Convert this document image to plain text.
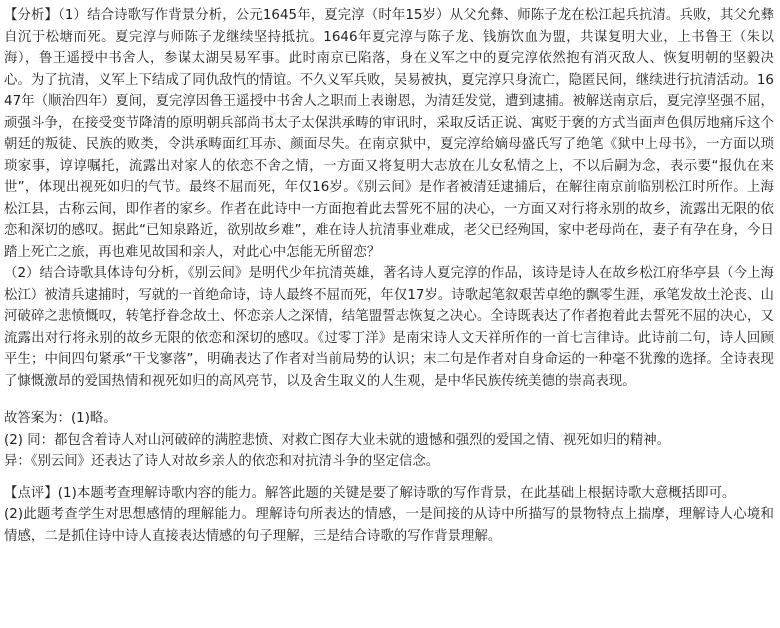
【分析】（1）结合诗歌写作背景分析，公元1645年，夏完淳（时年15岁）从父允彝、师陈子龙在松江起兵抗清。兵败，其父允彝自沉于松塘而死。夏完淳与师陈子龙继续坚持抵抗。1646年夏完淳与陈子龙、钱旃饮血为盟，共谋复明大业，上书鲁王（朱以海），鲁王遥授中书舍人，参谋太湖吴易军事。此时南京已陷落，身在义军之中的夏完淳依然抱有消灭敌人、恢复明朝的坚毅决心。为了抗清，义军上下结成了同仇敌忾的情谊。不久义军兵败，吴易被执，夏完淳只身流亡，隐匿民间，继续进行抗清活动。1647年（顺治四年）夏间，夏完淳因鲁王遥授中书舍人之职而上表谢恩，为清廷发觉，遭到逮捕。被解送南京后，夏完淳坚强不屈，顽强斗争，在接受变节降清的原明朝兵部尚书太子太保洪承畴的审讯时，采取反话正说、寓贬于褒的方式当面声色俱厉地痛斥这个朝廷的叛徒、民族的败类，令洪承畴面红耳赤、颜面尽失。在南京狱中，夏完淳给嫡母盛氏写了绝笔《狱中上母书》，一方面以琐琐家事，谆谆嘱托，流露出对家人的依恋不舍之情，一方面又将复明大志放在儿女私情之上，不以后嗣为念，表示要“报仇在来世”，体现出视死如归的气节。最终不屈而死，年仅16岁。《别云间》是作者被清廷逮捕后，在解往南京前临别松江时所作。上海松江县，古称云间，即作者的家乡。作者在此诗中一方面抱着此去誓死不屈的决心，一方面又对行将永别的故乡，流露出无限的依恋和深切的感叹。据此“已知泉路近，欲别故乡难”，难在诗人抗清事业难成，老父已经殉国，家中老母尚在，妻子有孕在身，今日踏上死亡之旅，再也难见故国和亲人，对此心中怎能无所留恋？

（2）结合诗歌具体诗句分析，《别云间》是明代少年抗清英雄，著名诗人夏完淳的作品，该诗是诗人在故乡松江府华亭县（今上海松江）被清兵逮捕时，写就的一首绝命诗，诗人最终不屈而死，年仅17岁。诗歌起笔叙艰苦卓绝的飘零生涯，承笔发故土沦丧、山河破碎之悲愤慨叹，转笔抒眷念故土、怀恋亲人之深情，结笔盟誓志恢复之决心。全诗既表达了作者抱着此去誓死不屈的决心，又流露出对行将永别的故乡无限的依恋和深切的感叹。《过零丁洋》是南宋诗人文天祥所作的一首七言律诗。此诗前二句，诗人回顾平生；中间四句紧承“干戈寥落”，明确表达了作者对当前局势的认识；末二句是作者对自身命运的一种毫不犹豫的选择。全诗表现了慷慨激昂的爱国热情和视死如归的高风亮节，以及舍生取义的人生观，是中华民族传统美德的崇高表现。

故答案为：(1)略。

(2) 同：都包含着诗人对山河破碎的满腔悲愤、对救亡图存大业未就的遗憾和强烈的爱国之情、视死如归的精神。

异：《别云间》还表达了诗人对故乡亲人的依恋和对抗清斗争的坚定信念。

【点评】(1)本题考查理解诗歌内容的能力。解答此题的关键是要了解诗歌的写作背景，在此基础上根据诗歌大意概括即可。

(2)此题考查学生对思想感情的理解能力。理解诗句所表达的情感，一是间接的从诗中所描写的景物特点上揣摩，理解诗人心境和情感，二是抓住诗中诗人直接表达情感的句子理解，三是结合诗歌的写作背景理解。
